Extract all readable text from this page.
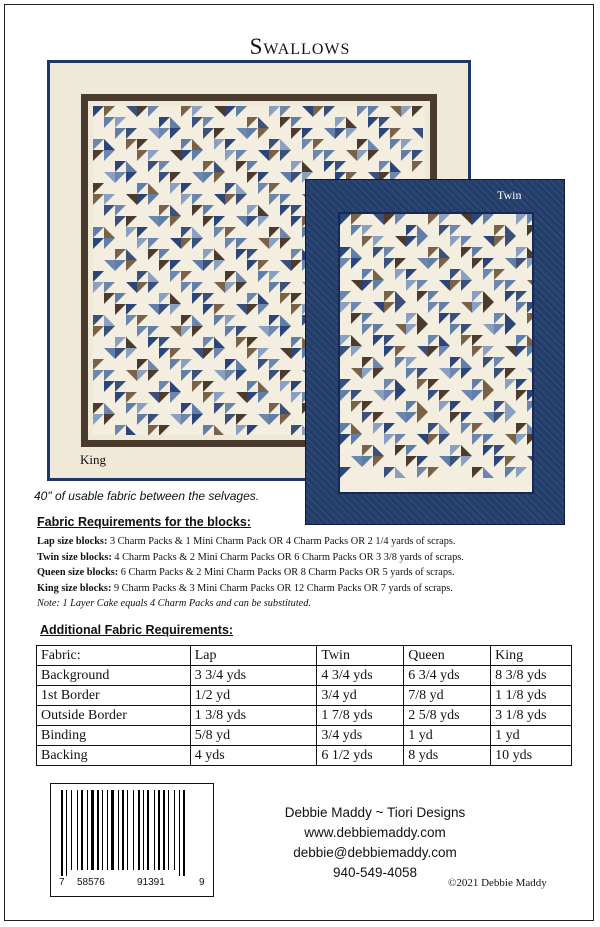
Swallows
King
Twin
40" of usable fabric between the selvages.
Fabric Requirements for the blocks:
Lap size blocks: 3 Charm Packs & 1 Mini Charm Pack OR 4 Charm Packs OR 2 1/4 yards of scraps.
Twin size blocks: 4 Charm Packs & 2 Mini Charm Packs OR 6 Charm Packs OR 3 3/8 yards of scraps.
Queen size blocks: 6 Charm Packs & 2 Mini Charm Packs OR 8 Charm Packs OR 5 yards of scraps.
King size blocks: 9 Charm Packs & 3 Mini Charm Packs OR 12 Charm Packs OR 7 yards of scraps.
Note: 1 Layer Cake equals 4 Charm Packs and can be substituted.
Additional Fabric Requirements:
Fabric:	Lap	Twin	Queen	King
Background	3 3/4 yds	4 3/4 yds	6 3/4 yds	8 3/8 yds
1st Border	1/2 yd	3/4 yd	7/8 yd	1 1/8 yds
Outside Border	1 3/8 yds	1 7/8 yds	2 5/8 yds	3 1/8 yds
Binding	5/8 yd	3/4 yds	1 yd	1 yd
Backing	4 yds	6 1/2 yds	8 yds	10 yds
7 58576	91391	9
Debbie Maddy ~ Tiori Designs
www.debbiemaddy.com
debbie@debbiemaddy.com
940-549-4058
©2021 Debbie Maddy
